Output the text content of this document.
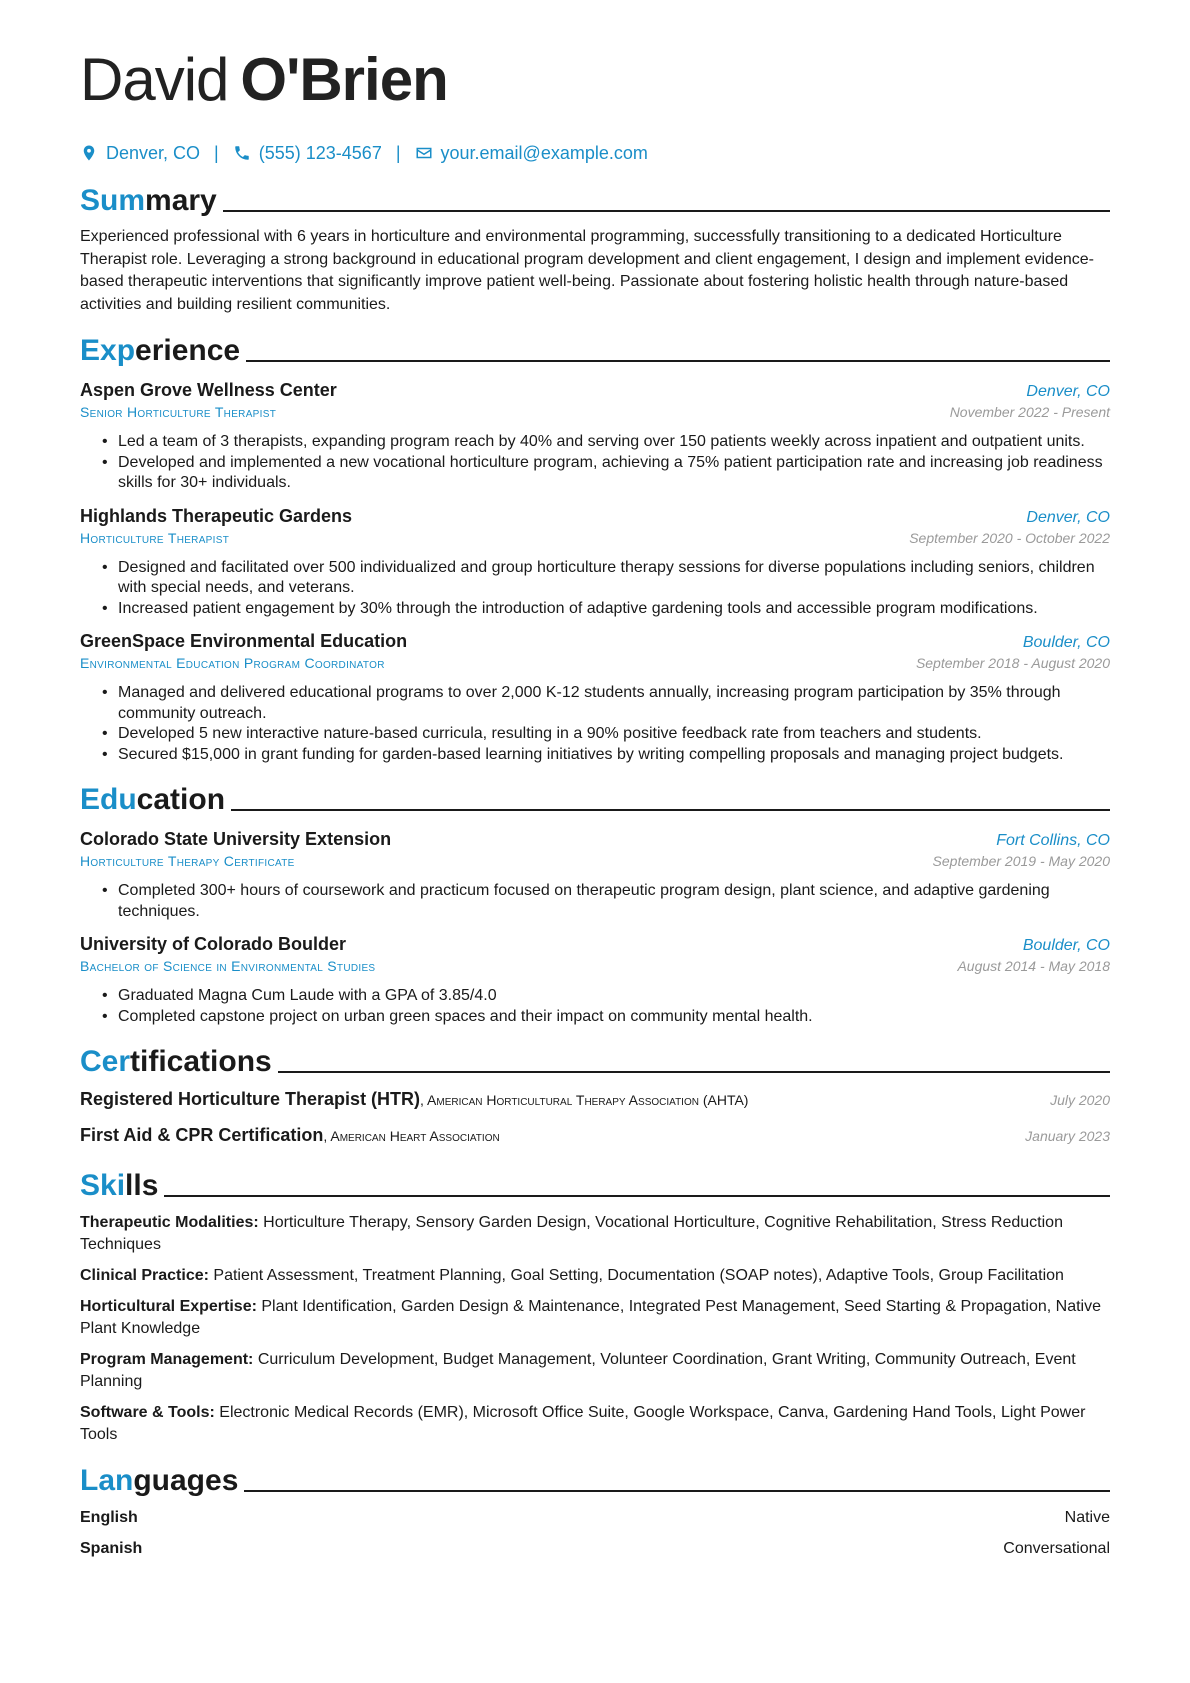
David O'Brien
Denver, CO | (555) 123-4567 | your.email@example.com
Summary

Experienced professional with 6 years in horticulture and environmental programming, successfully transitioning to a dedicated Horticulture Therapist role. Leveraging a strong background in educational program development and client engagement, I design and implement evidence-based therapeutic interventions that significantly improve patient well-being. Passionate about fostering holistic health through nature-based activities and building resilient communities.

Experience
Aspen Grove Wellness Center	Denver, CO
Senior Horticulture Therapist	November 2022 - Present
• Led a team of 3 therapists, expanding program reach by 40% and serving over 150 patients weekly across inpatient and outpatient units.
• Developed and implemented a new vocational horticulture program, achieving a 75% patient participation rate and increasing job readiness skills for 30+ individuals.
Highlands Therapeutic Gardens	Denver, CO
Horticulture Therapist	September 2020 - October 2022
• Designed and facilitated over 500 individualized and group horticulture therapy sessions for diverse populations including seniors, children with special needs, and veterans.
• Increased patient engagement by 30% through the introduction of adaptive gardening tools and accessible program modifications.
GreenSpace Environmental Education	Boulder, CO
Environmental Education Program Coordinator	September 2018 - August 2020
• Managed and delivered educational programs to over 2,000 K-12 students annually, increasing program participation by 35% through community outreach.
• Developed 5 new interactive nature-based curricula, resulting in a 90% positive feedback rate from teachers and students.
• Secured $15,000 in grant funding for garden-based learning initiatives by writing compelling proposals and managing project budgets.
Education
Colorado State University Extension	Fort Collins, CO
Horticulture Therapy Certificate	September 2019 - May 2020
• Completed 300+ hours of coursework and practicum focused on therapeutic program design, plant science, and adaptive gardening techniques.
University of Colorado Boulder	Boulder, CO
Bachelor of Science in Environmental Studies	August 2014 - May 2018
• Graduated Magna Cum Laude with a GPA of 3.85/4.0
• Completed capstone project on urban green spaces and their impact on community mental health.
Certifications
Registered Horticulture Therapist (HTR), American Horticultural Therapy Association (AHTA)	July 2020
First Aid & CPR Certification, American Heart Association	January 2023
Skills
Therapeutic Modalities: Horticulture Therapy, Sensory Garden Design, Vocational Horticulture, Cognitive Rehabilitation, Stress Reduction Techniques
Clinical Practice: Patient Assessment, Treatment Planning, Goal Setting, Documentation (SOAP notes), Adaptive Tools, Group Facilitation
Horticultural Expertise: Plant Identification, Garden Design & Maintenance, Integrated Pest Management, Seed Starting & Propagation, Native Plant Knowledge
Program Management: Curriculum Development, Budget Management, Volunteer Coordination, Grant Writing, Community Outreach, Event Planning
Software & Tools: Electronic Medical Records (EMR), Microsoft Office Suite, Google Workspace, Canva, Gardening Hand Tools, Light Power Tools
Languages
English	Native
Spanish	Conversational
